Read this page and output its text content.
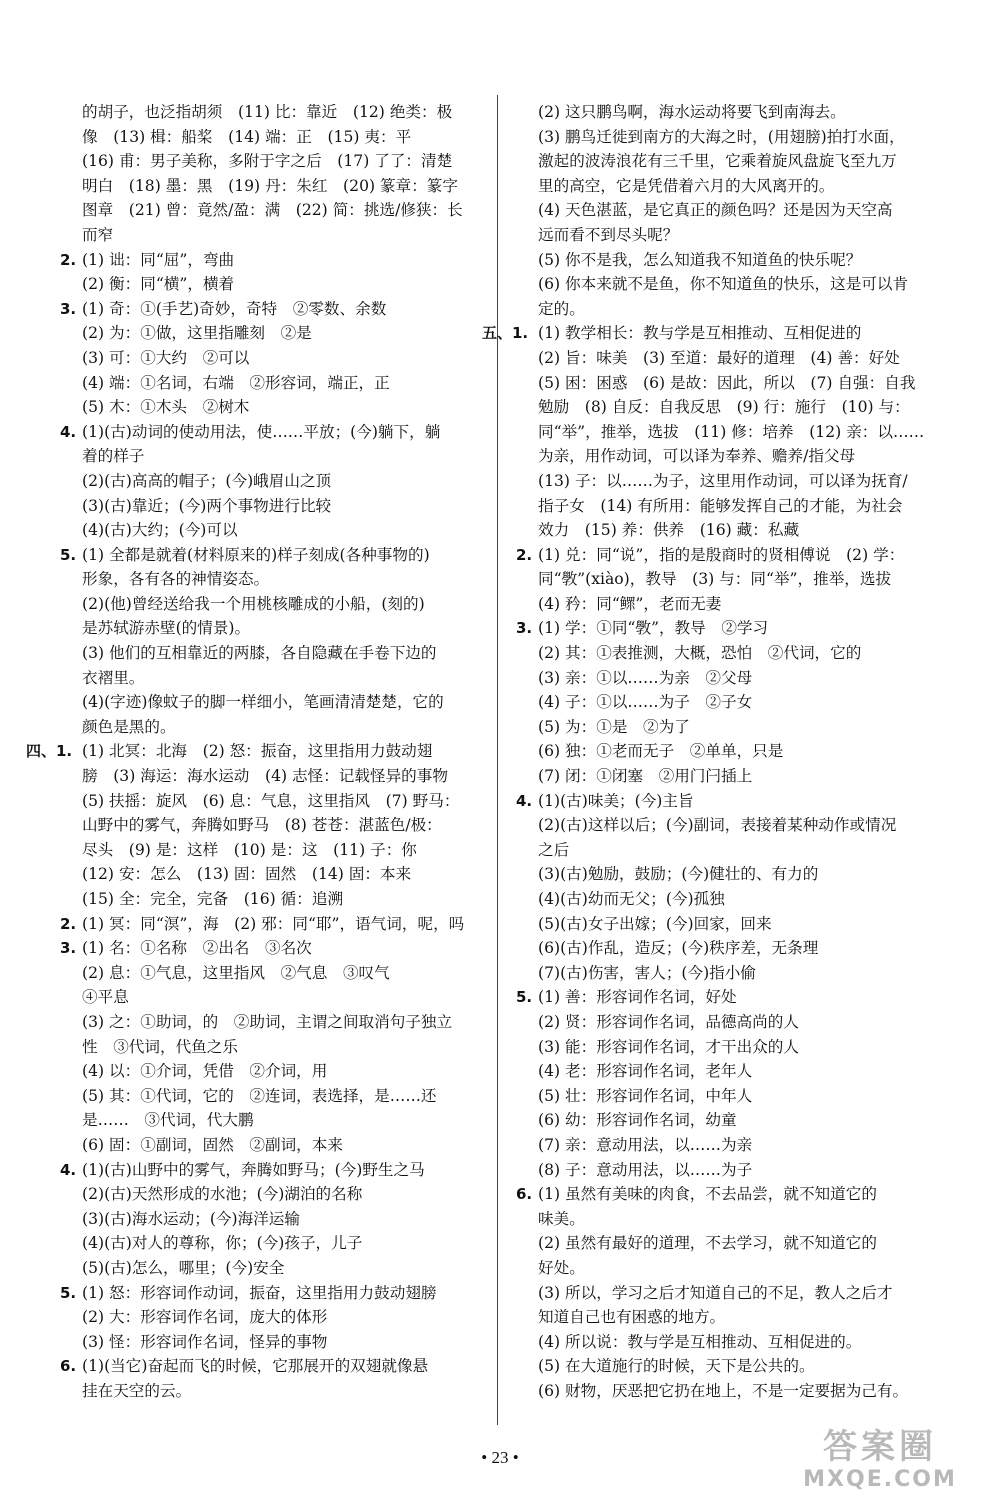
的胡子，也泛指胡须　(11) 比：靠近　(12) 绝类：极
像　(13) 楫：船桨　(14) 端：正　(15) 夷：平
(16) 甫：男子美称，多附于字之后　(17) 了了：清楚
明白　(18) 墨：黑　(19) 丹：朱红　(20) 篆章：篆字
图章　(21) 曾：竟然/盈：满　(22) 简：挑选/修狭：长
而窄
2. (1) 诎：同“屈”，弯曲
(2) 衡：同“横”，横着
3. (1) 奇：①(手艺)奇妙，奇特　②零数、余数
(2) 为：①做，这里指雕刻　②是
(3) 可：①大约　②可以
(4) 端：①名词，右端　②形容词，端正，正
(5) 木：①木头　②树木
4. (1)(古)动词的使动用法，使……平放；(今)躺下，躺
着的样子
(2)(古)高高的帽子；(今)峨眉山之顶
(3)(古)靠近；(今)两个事物进行比较
(4)(古)大约；(今)可以
5. (1) 全都是就着(材料原来的)样子刻成(各种事物的)
形象，各有各的神情姿态。
(2)(他)曾经送给我一个用桃核雕成的小船，(刻的)
是苏轼游赤壁(的情景)。
(3) 他们的互相靠近的两膝，各自隐藏在手卷下边的
衣褶里。
(4)(字迹)像蚊子的脚一样细小，笔画清清楚楚，它的
颜色是黑的。
四、1. (1) 北冥：北海　(2) 怒：振奋，这里指用力鼓动翅
膀　(3) 海运：海水运动　(4) 志怪：记载怪异的事物
(5) 扶摇：旋风　(6) 息：气息，这里指风　(7) 野马：
山野中的雾气，奔腾如野马　(8) 苍苍：湛蓝色/极：
尽头　(9) 是：这样　(10) 是：这　(11) 子：你
(12) 安：怎么　(13) 固：固然　(14) 固：本来
(15) 全：完全，完备　(16) 循：追溯
2. (1) 冥：同“溟”，海　(2) 邪：同“耶”，语气词，呢，吗
3. (1) 名：①名称　②出名　③名次
(2) 息：①气息，这里指风　②气息　③叹气
④平息
(3) 之：①助词，的　②助词，主谓之间取消句子独立
性　③代词，代鱼之乐
(4) 以：①介词，凭借　②介词，用
(5) 其：①代词，它的　②连词，表选择，是……还
是……　③代词，代大鹏
(6) 固：①副词，固然　②副词，本来
4. (1)(古)山野中的雾气，奔腾如野马；(今)野生之马
(2)(古)天然形成的水池；(今)湖泊的名称
(3)(古)海水运动；(今)海洋运输
(4)(古)对人的尊称，你；(今)孩子，儿子
(5)(古)怎么，哪里；(今)安全
5. (1) 怒：形容词作动词，振奋，这里指用力鼓动翅膀
(2) 大：形容词作名词，庞大的体形
(3) 怪：形容词作名词，怪异的事物
6. (1)(当它)奋起而飞的时候，它那展开的双翅就像悬
挂在天空的云。
(2) 这只鹏鸟啊，海水运动将要飞到南海去。
(3) 鹏鸟迁徙到南方的大海之时，(用翅膀)拍打水面，
激起的波涛浪花有三千里，它乘着旋风盘旋飞至九万
里的高空，它是凭借着六月的大风离开的。
(4) 天色湛蓝，是它真正的颜色吗？还是因为天空高
远而看不到尽头呢？
(5) 你不是我，怎么知道我不知道鱼的快乐呢？
(6) 你本来就不是鱼，你不知道鱼的快乐，这是可以肯
定的。
五、1. (1) 教学相长：教与学是互相推动、互相促进的
(2) 旨：味美　(3) 至道：最好的道理　(4) 善：好处
(5) 困：困惑　(6) 是故：因此，所以　(7) 自强：自我
勉励　(8) 自反：自我反思　(9) 行：施行　(10) 与：
同“举”，推举，选拔　(11) 修：培养　(12) 亲：以……
为亲，用作动词，可以译为奉养、赡养/指父母
(13) 子：以……为子，这里用作动词，可以译为抚育/
指子女　(14) 有所用：能够发挥自己的才能，为社会
效力　(15) 养：供养　(16) 藏：私藏
2. (1) 兑：同“说”，指的是殷商时的贤相傅说　(2) 学：
同“斆”(xiào)，教导　(3) 与：同“举”，推举，选拔
(4) 矜：同“鳏”，老而无妻
3. (1) 学：①同“斆”，教导　②学习
(2) 其：①表推测，大概，恐怕　②代词，它的
(3) 亲：①以……为亲　②父母
(4) 子：①以……为子　②子女
(5) 为：①是　②为了
(6) 独：①老而无子　②单单，只是
(7) 闭：①闭塞　②用门闩插上
4. (1)(古)味美；(今)主旨
(2)(古)这样以后；(今)副词，表接着某种动作或情况
之后
(3)(古)勉励，鼓励；(今)健壮的、有力的
(4)(古)幼而无父；(今)孤独
(5)(古)女子出嫁；(今)回家，回来
(6)(古)作乱，造反；(今)秩序差，无条理
(7)(古)伤害，害人；(今)指小偷
5. (1) 善：形容词作名词，好处
(2) 贤：形容词作名词，品德高尚的人
(3) 能：形容词作名词，才干出众的人
(4) 老：形容词作名词，老年人
(5) 壮：形容词作名词，中年人
(6) 幼：形容词作名词，幼童
(7) 亲：意动用法，以……为亲
(8) 子：意动用法，以……为子
6. (1) 虽然有美味的肉食，不去品尝，就不知道它的
味美。
(2) 虽然有最好的道理，不去学习，就不知道它的
好处。
(3) 所以，学习之后才知道自己的不足，教人之后才
知道自己也有困惑的地方。
(4) 所以说：教与学是互相推动、互相促进的。
(5) 在大道施行的时候，天下是公共的。
(6) 财物，厌恶把它扔在地上，不是一定要据为己有。
• 23 •	答案圈
MXQE.COM
